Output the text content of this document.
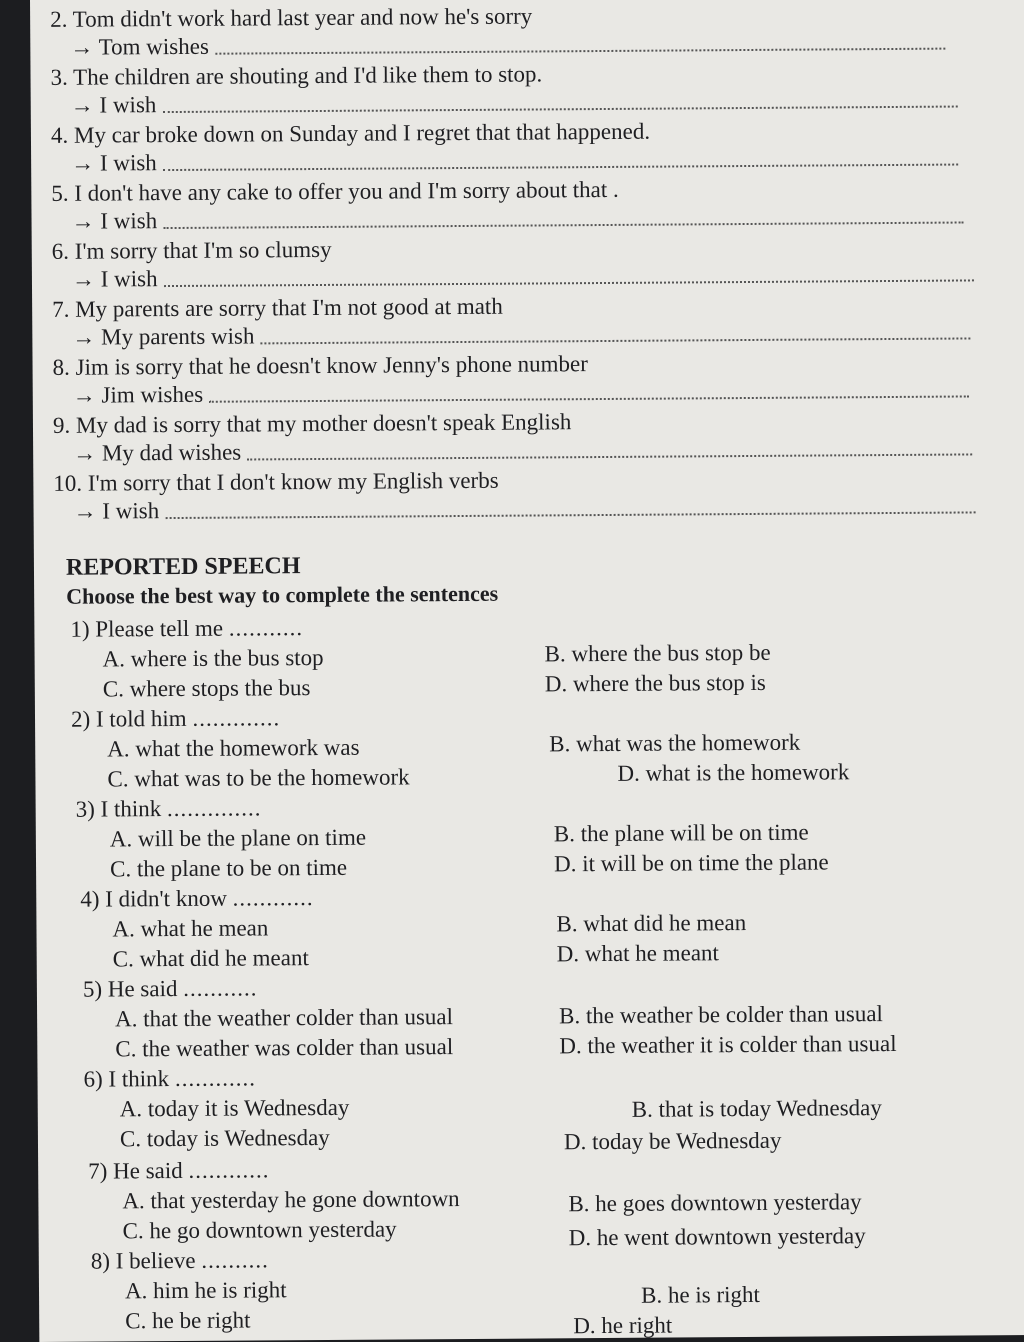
2. Tom didn't work hard last year and now he's sorry
→ Tom wishes
3. The children are shouting and I'd like them to stop.
→ I wish
4. My car broke down on Sunday and I regret that that happened.
→ I wish
5. I don't have any cake to offer you and I'm sorry about that .
→ I wish
6. I'm sorry that I'm so clumsy
→ I wish
7. My parents are sorry that I'm not good at math
→ My parents wish
8. Jim is sorry that he doesn't know Jenny's phone number
→ Jim wishes
9. My dad is sorry that my mother doesn't speak English
→ My dad wishes
10. I'm sorry that I don't know my English verbs
→ I wish
REPORTED SPEECH
Choose the best way to complete the sentences
1) Please tell me ...........
A. where is the bus stop	B. where the bus stop be
C. where stops the bus	D. where the bus stop is
2) I told him .............
A. what the homework was	B. what was the homework
C. what was to be the homework	D. what is the homework
3) I think ..............
A. will be the plane on time	B. the plane will be on time
C. the plane to be on time	D. it will be on time the plane
4) I didn't know ............
A. what he mean	B. what did he mean
C. what did he meant	D. what he meant
5) He said ...........
A. that the weather colder than usual	B. the weather be colder than usual
C. the weather was colder than usual	D. the weather it is colder than usual
6) I think ............
A. today it is Wednesday	B. that is today Wednesday
C. today is Wednesday	D. today be Wednesday
7) He said ............
A. that yesterday he gone downtown	B. he goes downtown yesterday
C. he go downtown yesterday	D. he went downtown yesterday
8) I believe ..........
A. him he is right	B. he is right
C. he be right	D. he right
